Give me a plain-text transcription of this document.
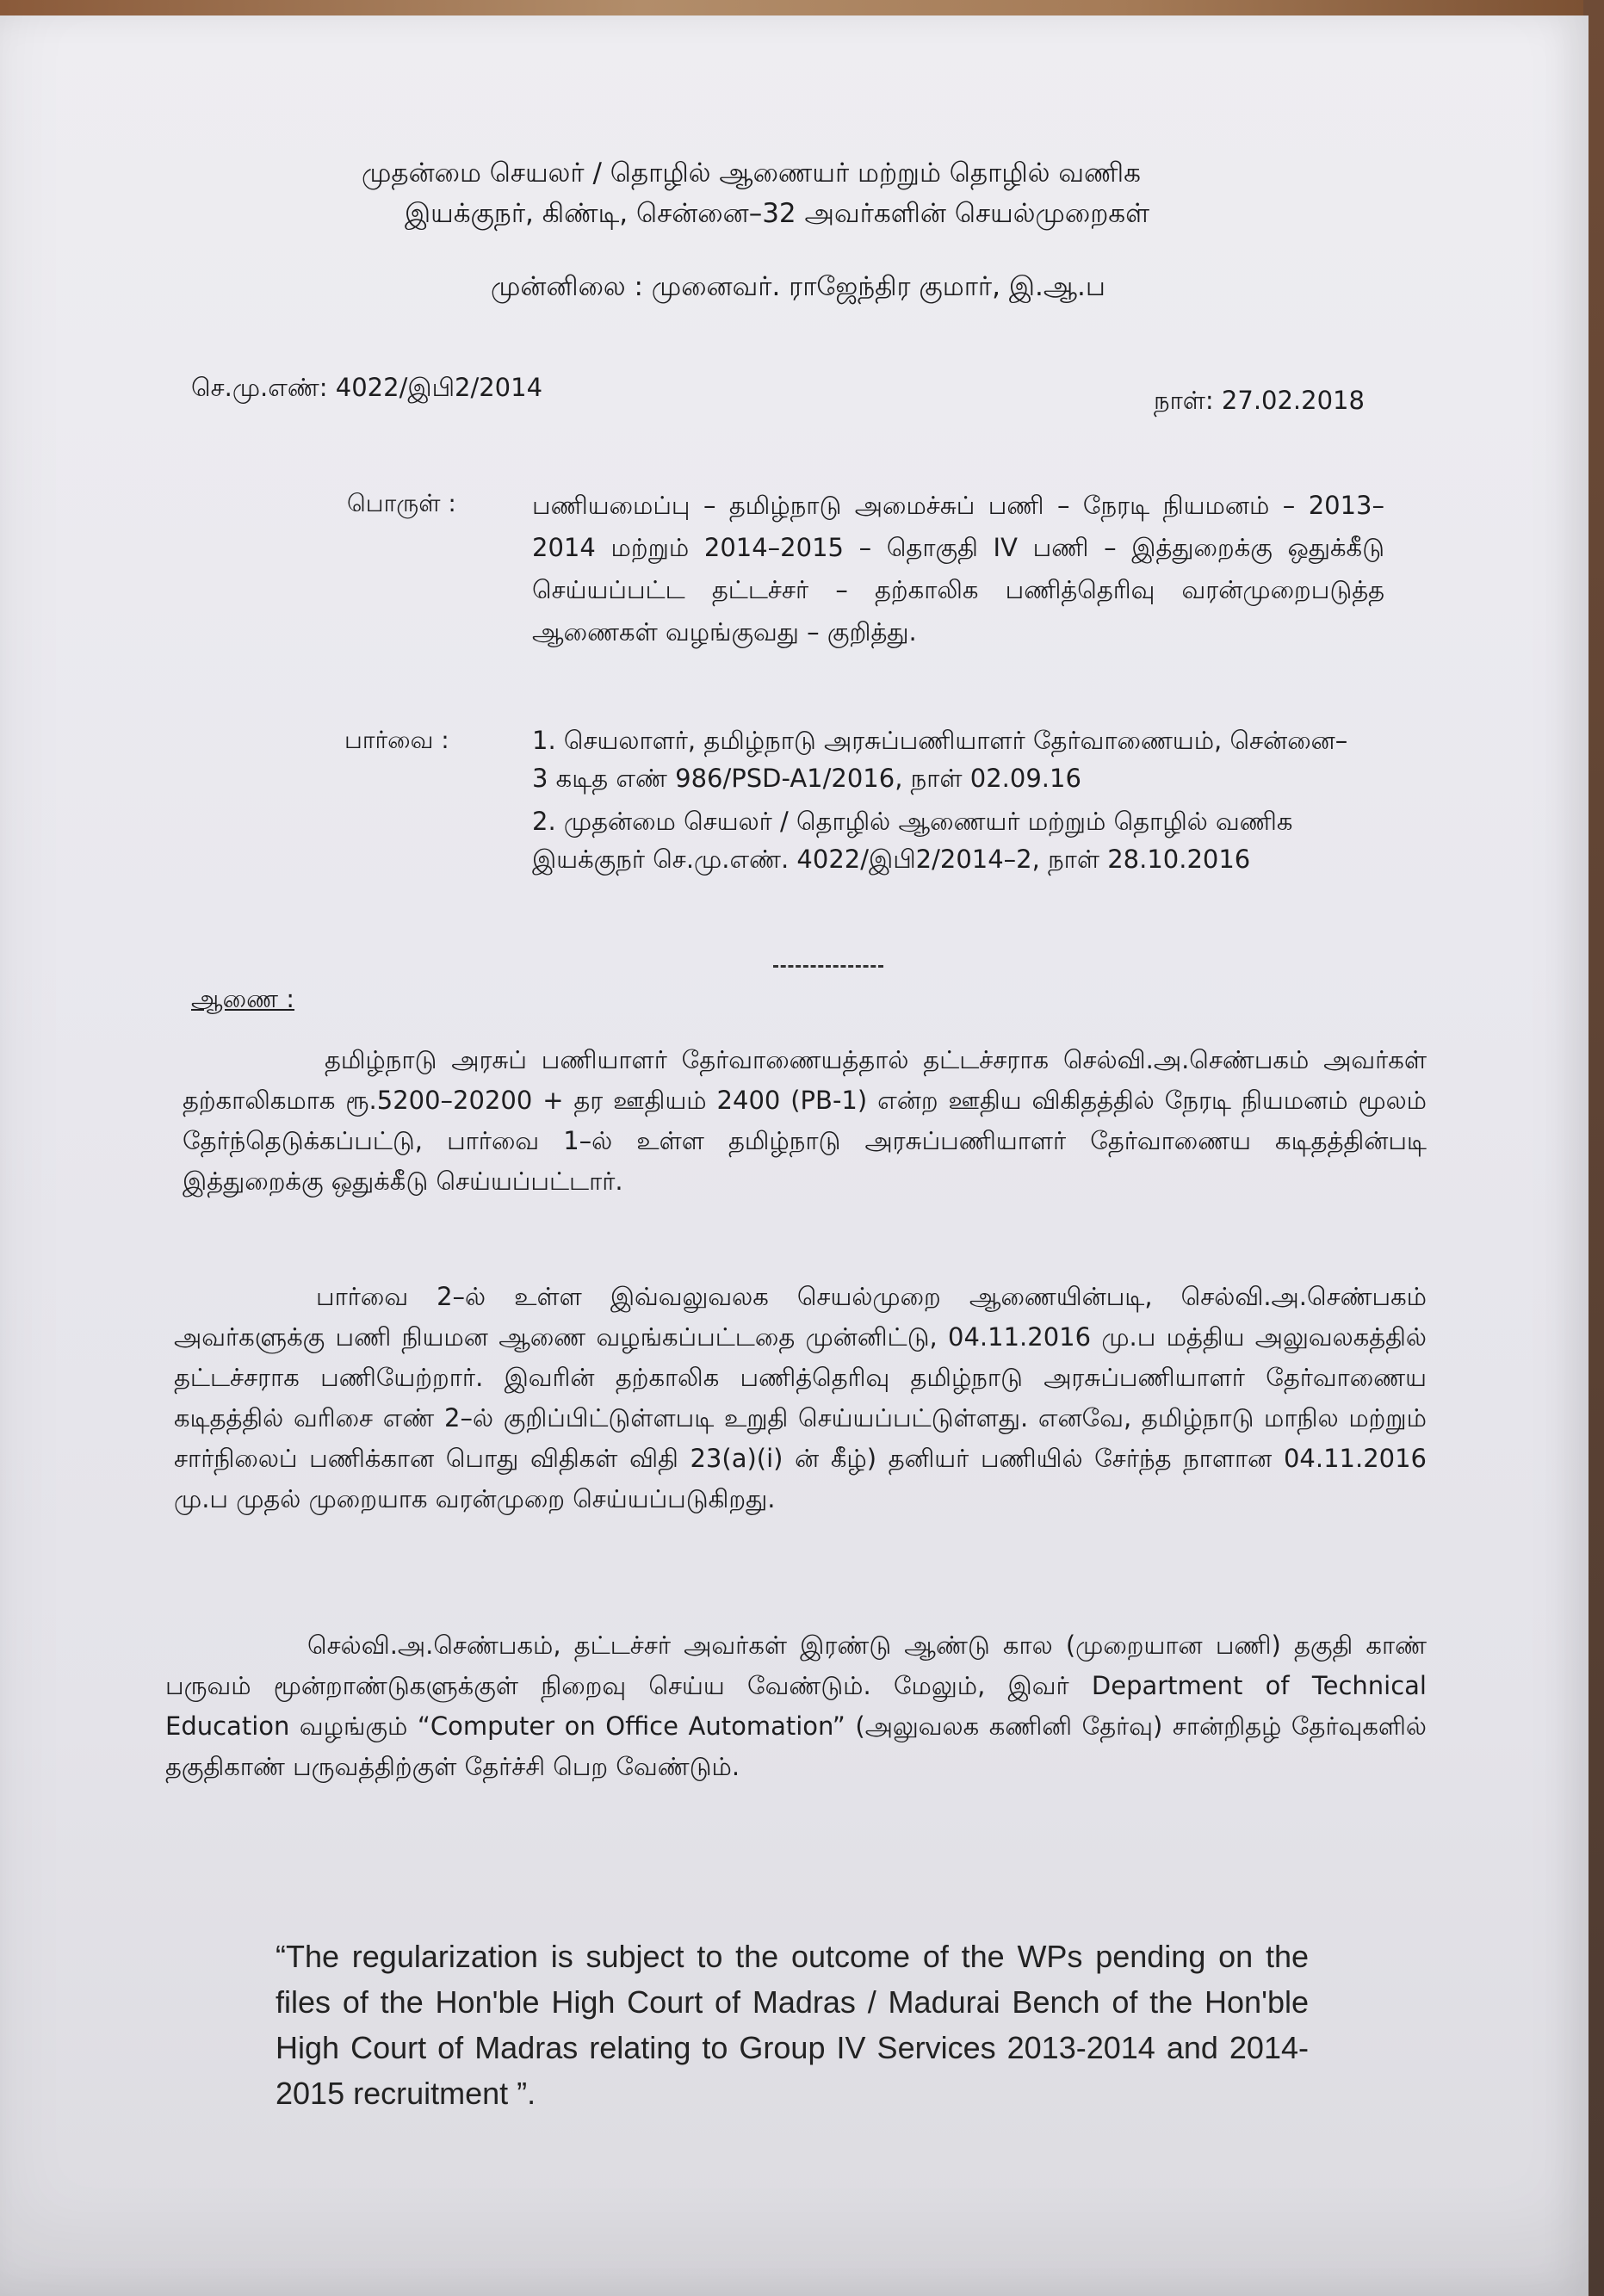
முதன்மை செயலர் / தொழில் ஆணையர் மற்றும் தொழில் வணிக
இயக்குநர், கிண்டி, சென்னை–32 அவர்களின் செயல்முறைகள்
முன்னிலை : முனைவர். ராஜேந்திர குமார், இ.ஆ.ப
செ.மு.எண்: 4022/இபி2/2014	நாள்: 27.02.2018
பொருள் :	பணியமைப்பு – தமிழ்நாடு அமைச்சுப் பணி – நேரடி நியமனம் – 2013–2014 மற்றும் 2014–2015 – தொகுதி IV பணி – இத்துறைக்கு ஒதுக்கீடு செய்யப்பட்ட தட்டச்சர் – தற்காலிக பணித்தெரிவு வரன்முறைபடுத்த ஆணைகள் வழங்குவது – குறித்து.
பார்வை :	1. செயலாளர், தமிழ்நாடு அரசுப்பணியாளர் தேர்வாணையம், சென்னை–3 கடித எண் 986/PSD-A1/2016, நாள் 02.09.16
2. முதன்மை செயலர் / தொழில் ஆணையர் மற்றும் தொழில் வணிக இயக்குநர் செ.மு.எண். 4022/இபி2/2014–2, நாள் 28.10.2016
ஆணை :
தமிழ்நாடு அரசுப் பணியாளர் தேர்வாணையத்தால் தட்டச்சராக செல்வி.அ.செண்பகம் அவர்கள் தற்காலிகமாக ரூ.5200–20200 + தர ஊதியம் 2400 (PB-1) என்ற ஊதிய விகிதத்தில் நேரடி நியமனம் மூலம் தேர்ந்தெடுக்கப்பட்டு, பார்வை 1–ல் உள்ள தமிழ்நாடு அரசுப்பணியாளர் தேர்வாணைய கடிதத்தின்படி இத்துறைக்கு ஒதுக்கீடு செய்யப்பட்டார்.
பார்வை 2–ல் உள்ள இவ்வலுவலக செயல்முறை ஆணையின்படி, செல்வி.அ.செண்பகம் அவர்களுக்கு பணி நியமன ஆணை வழங்கப்பட்டதை முன்னிட்டு, 04.11.2016 மு.ப மத்திய அலுவலகத்தில் தட்டச்சராக பணியேற்றார். இவரின் தற்காலிக பணித்தெரிவு தமிழ்நாடு அரசுப்பணியாளர் தேர்வாணைய கடிதத்தில் வரிசை எண் 2–ல் குறிப்பிட்டுள்ளபடி உறுதி செய்யப்பட்டுள்ளது. எனவே, தமிழ்நாடு மாநில மற்றும் சார்நிலைப் பணிக்கான பொது விதிகள் விதி 23(a)(i) ன் கீழ்) தனியர் பணியில் சேர்ந்த நாளான 04.11.2016 மு.ப முதல் முறையாக வரன்முறை செய்யப்படுகிறது.
செல்வி.அ.செண்பகம், தட்டச்சர் அவர்கள் இரண்டு ஆண்டு கால (முறையான பணி) தகுதி காண் பருவம் மூன்றாண்டுகளுக்குள் நிறைவு செய்ய வேண்டும். மேலும், இவர் Department of Technical Education வழங்கும் “Computer on Office Automation” (அலுவலக கணினி தேர்வு) சான்றிதழ் தேர்வுகளில் தகுதிகாண் பருவத்திற்குள் தேர்ச்சி பெற வேண்டும்.
“The regularization is subject to the outcome of the WPs pending on the files of the Hon'ble High Court of Madras / Madurai Bench of the Hon'ble High Court of Madras relating to Group IV Services 2013-2014 and 2014-2015 recruitment ”.
